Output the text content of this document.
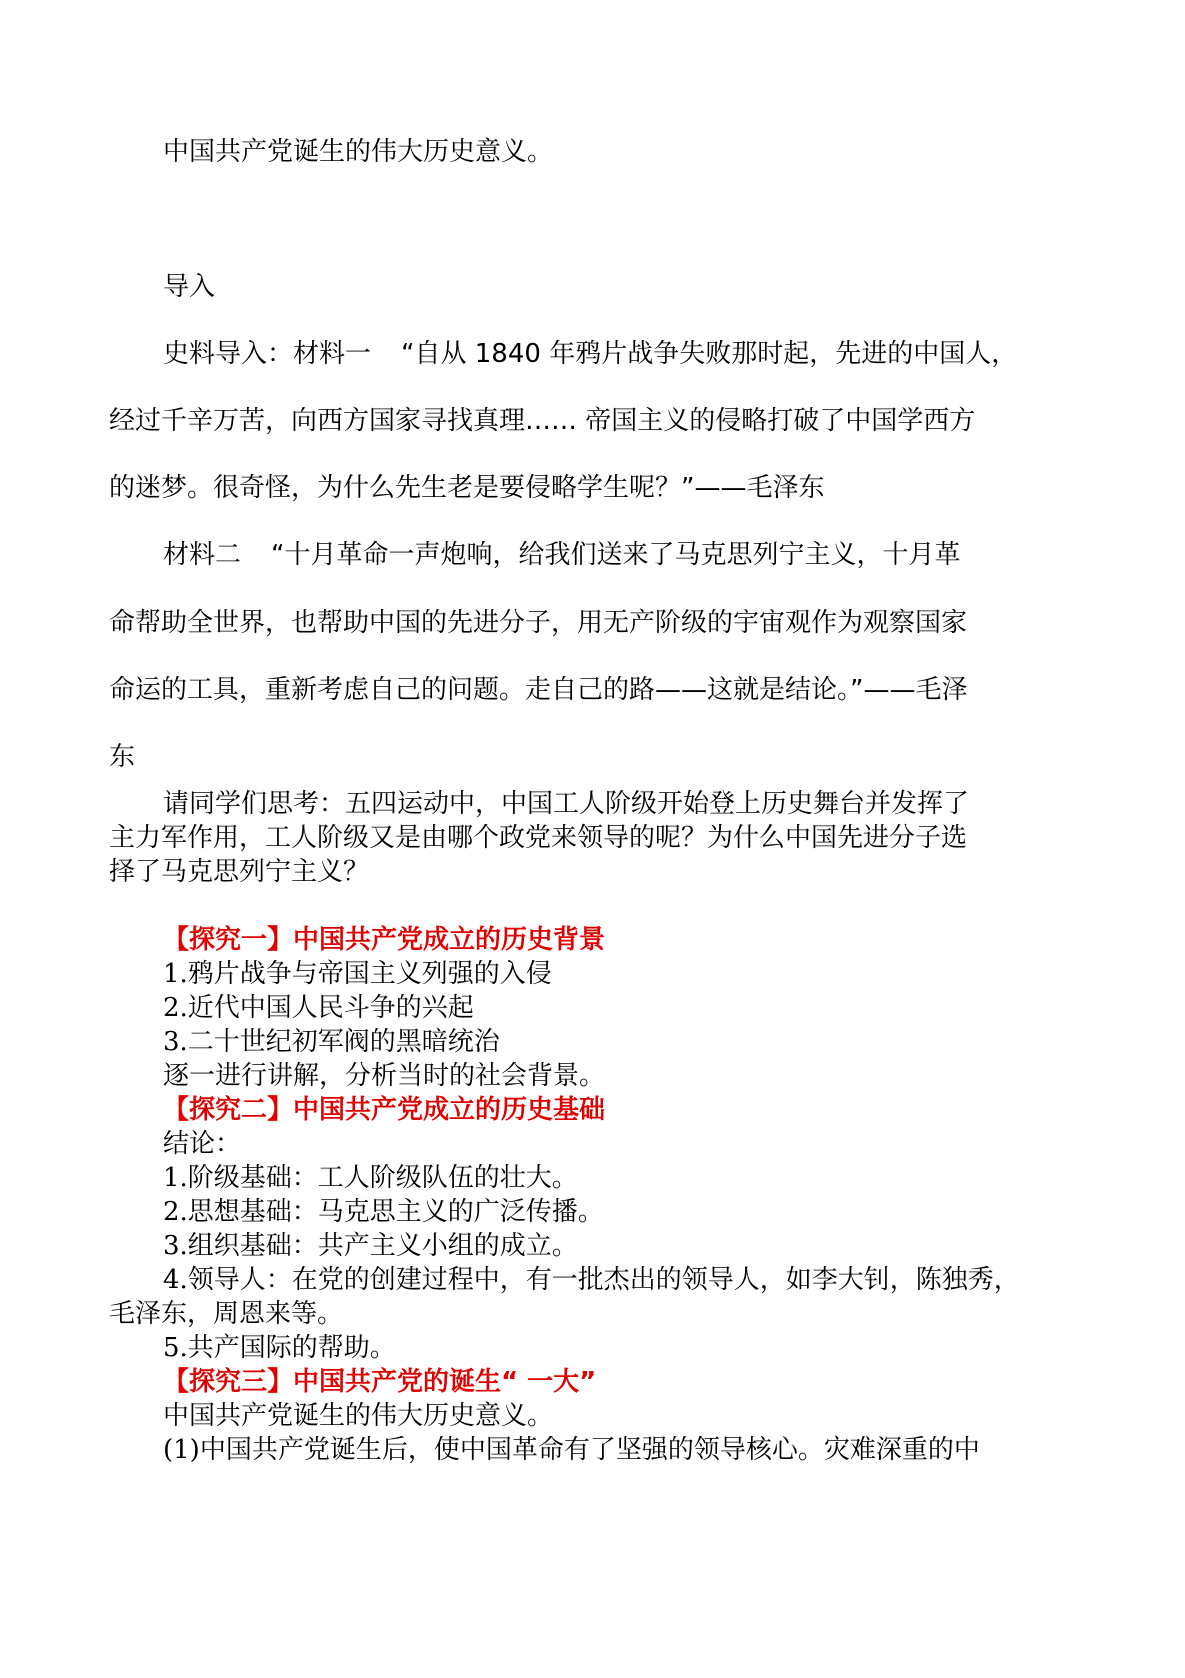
中国共产党诞生的伟大历史意义。
导入
史料导入：材料一 “自从 1840 年鸦片战争失败那时起，先进的中国人，
经过千辛万苦，向西方国家寻找真理…… 帝国主义的侵略打破了中国学西方
的迷梦。很奇怪，为什么先生老是要侵略学生呢？”——毛泽东
材料二 “十月革命一声炮响，给我们送来了马克思列宁主义，十月革
命帮助全世界，也帮助中国的先进分子，用无产阶级的宇宙观作为观察国家
命运的工具，重新考虑自己的问题。走自己的路——这就是结论。”——毛泽
东
请同学们思考：五四运动中，中国工人阶级开始登上历史舞台并发挥了
主力军作用，工人阶级又是由哪个政党来领导的呢？为什么中国先进分子选
择了马克思列宁主义？
【探究一】中国共产党成立的历史背景
1.鸦片战争与帝国主义列强的入侵
2.近代中国人民斗争的兴起
3.二十世纪初军阀的黑暗统治
逐一进行讲解，分析当时的社会背景。
【探究二】中国共产党成立的历史基础
结论：
1.阶级基础：工人阶级队伍的壮大。
2.思想基础：马克思主义的广泛传播。
3.组织基础：共产主义小组的成立。
4.领导人：在党的创建过程中，有一批杰出的领导人，如李大钊，陈独秀，
毛泽东，周恩来等。
5.共产国际的帮助。
【探究三】中国共产党的诞生“ 一大”
中国共产党诞生的伟大历史意义。
(1)中国共产党诞生后，使中国革命有了坚强的领导核心。灾难深重的中
